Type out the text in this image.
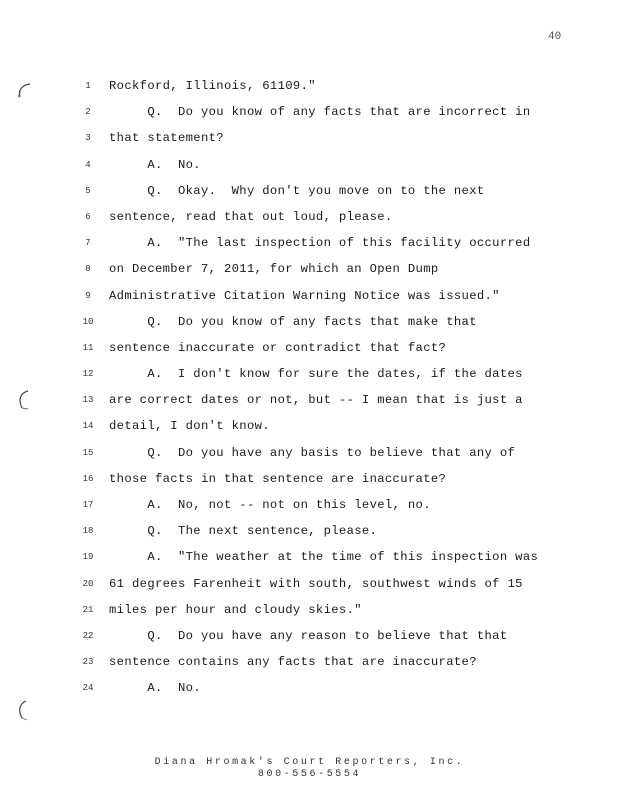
40
1
2
3
4
5
6
7
8
9
10
11
12
13
14
15
16
17
18
19
20
21
22
23
24
Rockford, Illinois, 61109."
Q.  Do you know of any facts that are incorrect in
that statement?
A.  No.
Q.  Okay.  Why don't you move on to the next
sentence, read that out loud, please.
A.  "The last inspection of this facility occurred
on December 7, 2011, for which an Open Dump
Administrative Citation Warning Notice was issued."
Q.  Do you know of any facts that make that
sentence inaccurate or contradict that fact?
A.  I don't know for sure the dates, if the dates
are correct dates or not, but -- I mean that is just a
detail, I don't know.
Q.  Do you have any basis to believe that any of
those facts in that sentence are inaccurate?
A.  No, not -- not on this level, no.
Q.  The next sentence, please.
A.  "The weather at the time of this inspection was
61 degrees Farenheit with south, southwest winds of 15
miles per hour and cloudy skies."
Q.  Do you have any reason to believe that that
sentence contains any facts that are inaccurate?
A.  No.
Diana Hromak's Court Reporters, Inc.
800-556-5554
